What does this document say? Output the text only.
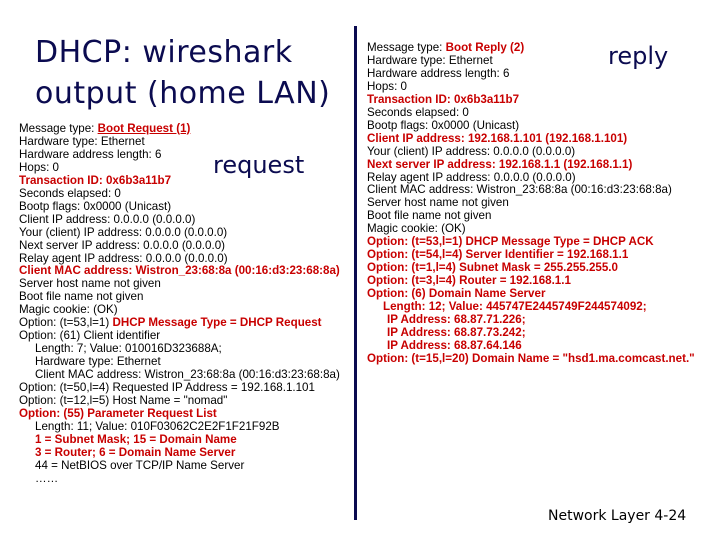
DHCP: wireshark
output (home LAN)
request
reply
Message type: Boot Request (1)
Hardware type: Ethernet
Hardware address length: 6
Hops: 0
Transaction ID: 0x6b3a11b7
Seconds elapsed: 0
Bootp flags: 0x0000 (Unicast)
Client IP address: 0.0.0.0 (0.0.0.0)
Your (client) IP address: 0.0.0.0 (0.0.0.0)
Next server IP address: 0.0.0.0 (0.0.0.0)
Relay agent IP address: 0.0.0.0 (0.0.0.0)
Client MAC address: Wistron_23:68:8a (00:16:d3:23:68:8a)
Server host name not given
Boot file name not given
Magic cookie: (OK)
Option: (t=53,l=1) DHCP Message Type = DHCP Request
Option: (61) Client identifier
Length: 7; Value: 010016D323688A;
Hardware type: Ethernet
Client MAC address: Wistron_23:68:8a (00:16:d3:23:68:8a)
Option: (t=50,l=4) Requested IP Address = 192.168.1.101
Option: (t=12,l=5) Host Name = "nomad"
Option: (55) Parameter Request List
Length: 11; Value: 010F03062C2E2F1F21F92B
1 = Subnet Mask; 15 = Domain Name
3 = Router; 6 = Domain Name Server
44 = NetBIOS over TCP/IP Name Server
……
Message type: Boot Reply (2)
Hardware type: Ethernet
Hardware address length: 6
Hops: 0
Transaction ID: 0x6b3a11b7
Seconds elapsed: 0
Bootp flags: 0x0000 (Unicast)
Client IP address: 192.168.1.101 (192.168.1.101)
Your (client) IP address: 0.0.0.0 (0.0.0.0)
Next server IP address: 192.168.1.1 (192.168.1.1)
Relay agent IP address: 0.0.0.0 (0.0.0.0)
Client MAC address: Wistron_23:68:8a (00:16:d3:23:68:8a)
Server host name not given
Boot file name not given
Magic cookie: (OK)
Option: (t=53,l=1) DHCP Message Type = DHCP ACK
Option: (t=54,l=4) Server Identifier = 192.168.1.1
Option: (t=1,l=4) Subnet Mask = 255.255.255.0
Option: (t=3,l=4) Router = 192.168.1.1
Option: (6) Domain Name Server
Length: 12; Value: 445747E2445749F244574092;
IP Address: 68.87.71.226;
IP Address: 68.87.73.242;
IP Address: 68.87.64.146
Option: (t=15,l=20) Domain Name = "hsd1.ma.comcast.net."
Network Layer 4-24
